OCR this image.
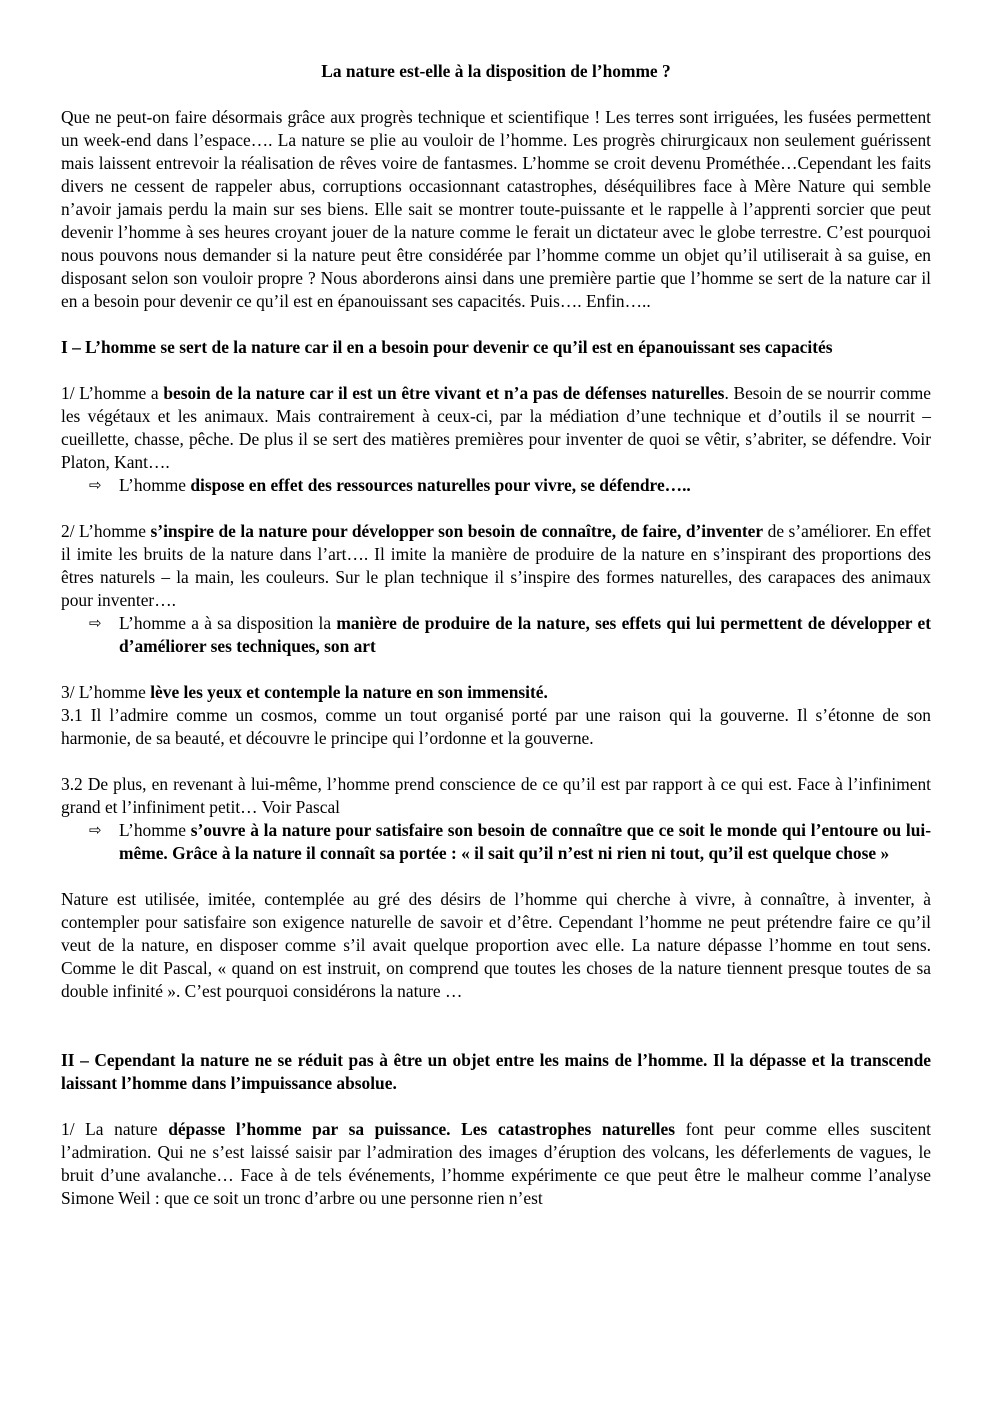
La nature est-elle à la disposition de l’homme ?

Que ne peut-on faire désormais grâce aux progrès technique et scientifique ! Les terres sont irriguées, les fusées permettent un week-end dans l’espace…. La nature se plie au vouloir de l’homme. Les progrès chirurgicaux non seulement guérissent mais laissent entrevoir la réalisation de rêves voire de fantasmes. L’homme se croit devenu Prométhée…Cependant les faits divers ne cessent de rappeler abus, corruptions occasionnant catastrophes, déséquilibres face à Mère Nature qui semble n’avoir jamais perdu la main sur ses biens. Elle sait se montrer toute-puissante et le rappelle à l’apprenti sorcier que peut devenir l’homme à ses heures croyant jouer de la nature comme le ferait un dictateur avec le globe terrestre. C’est pourquoi nous pouvons nous demander si la nature peut être considérée par l’homme comme un objet qu’il utiliserait à sa guise, en disposant selon son vouloir propre ? Nous aborderons ainsi dans une première partie que l’homme se sert de la nature car il en a besoin pour devenir ce qu’il est en épanouissant ses capacités. Puis…. Enfin…..

I – L’homme se sert de la nature car il en a besoin pour devenir ce qu’il est en épanouissant ses capacités

1/ L’homme a besoin de la nature car il est un être vivant et n’a pas de défenses naturelles. Besoin de se nourrir comme les végétaux et les animaux. Mais contrairement à ceux-ci, par la médiation d’une technique et d’outils il se nourrit – cueillette, chasse, pêche. De plus il se sert des matières premières pour inventer de quoi se vêtir, s’abriter, se défendre. Voir Platon, Kant….

⇨ L’homme dispose en effet des ressources naturelles pour vivre, se défendre…..

2/ L’homme s’inspire de la nature pour développer son besoin de connaître, de faire, d’inventer de s’améliorer. En effet il imite les bruits de la nature dans l’art…. Il imite la manière de produire de la nature en s’inspirant des proportions des êtres naturels – la main, les couleurs. Sur le plan technique il s’inspire des formes naturelles, des carapaces des animaux pour inventer….

⇨ L’homme a à sa disposition la manière de produire de la nature, ses effets qui lui permettent de développer et d’améliorer ses techniques, son art

3/ L’homme lève les yeux et contemple la nature en son immensité.

3.1 Il l’admire comme un cosmos, comme un tout organisé porté par une raison qui la gouverne. Il s’étonne de son harmonie, de sa beauté, et découvre le principe qui l’ordonne et la gouverne.

3.2 De plus, en revenant à lui-même, l’homme prend conscience de ce qu’il est par rapport à ce qui est. Face à l’infiniment grand et l’infiniment petit… Voir Pascal

⇨ L’homme s’ouvre à la nature pour satisfaire son besoin de connaître que ce soit le monde qui l’entoure ou lui-même. Grâce à la nature il connaît sa portée : « il sait qu’il n’est ni rien ni tout, qu’il est quelque chose »

Nature est utilisée, imitée, contemplée au gré des désirs de l’homme qui cherche à vivre, à connaître, à inventer, à contempler pour satisfaire son exigence naturelle de savoir et d’être. Cependant l’homme ne peut prétendre faire ce qu’il veut de la nature, en disposer comme s’il avait quelque proportion avec elle. La nature dépasse l’homme en tout sens. Comme le dit Pascal, « quand on est instruit, on comprend que toutes les choses de la nature tiennent presque toutes de sa double infinité ». C’est pourquoi considérons la nature …

II – Cependant la nature ne se réduit pas à être un objet entre les mains de l’homme. Il la dépasse et la transcende laissant l’homme dans l’impuissance absolue.

1/ La nature dépasse l’homme par sa puissance. Les catastrophes naturelles font peur comme elles suscitent l’admiration. Qui ne s’est laissé saisir par l’admiration des images d’éruption des volcans, les déferlements de vagues, le bruit d’une avalanche… Face à de tels événements, l’homme expérimente ce que peut être le malheur comme l’analyse Simone Weil : que ce soit un tronc d’arbre ou une personne rien n’est
